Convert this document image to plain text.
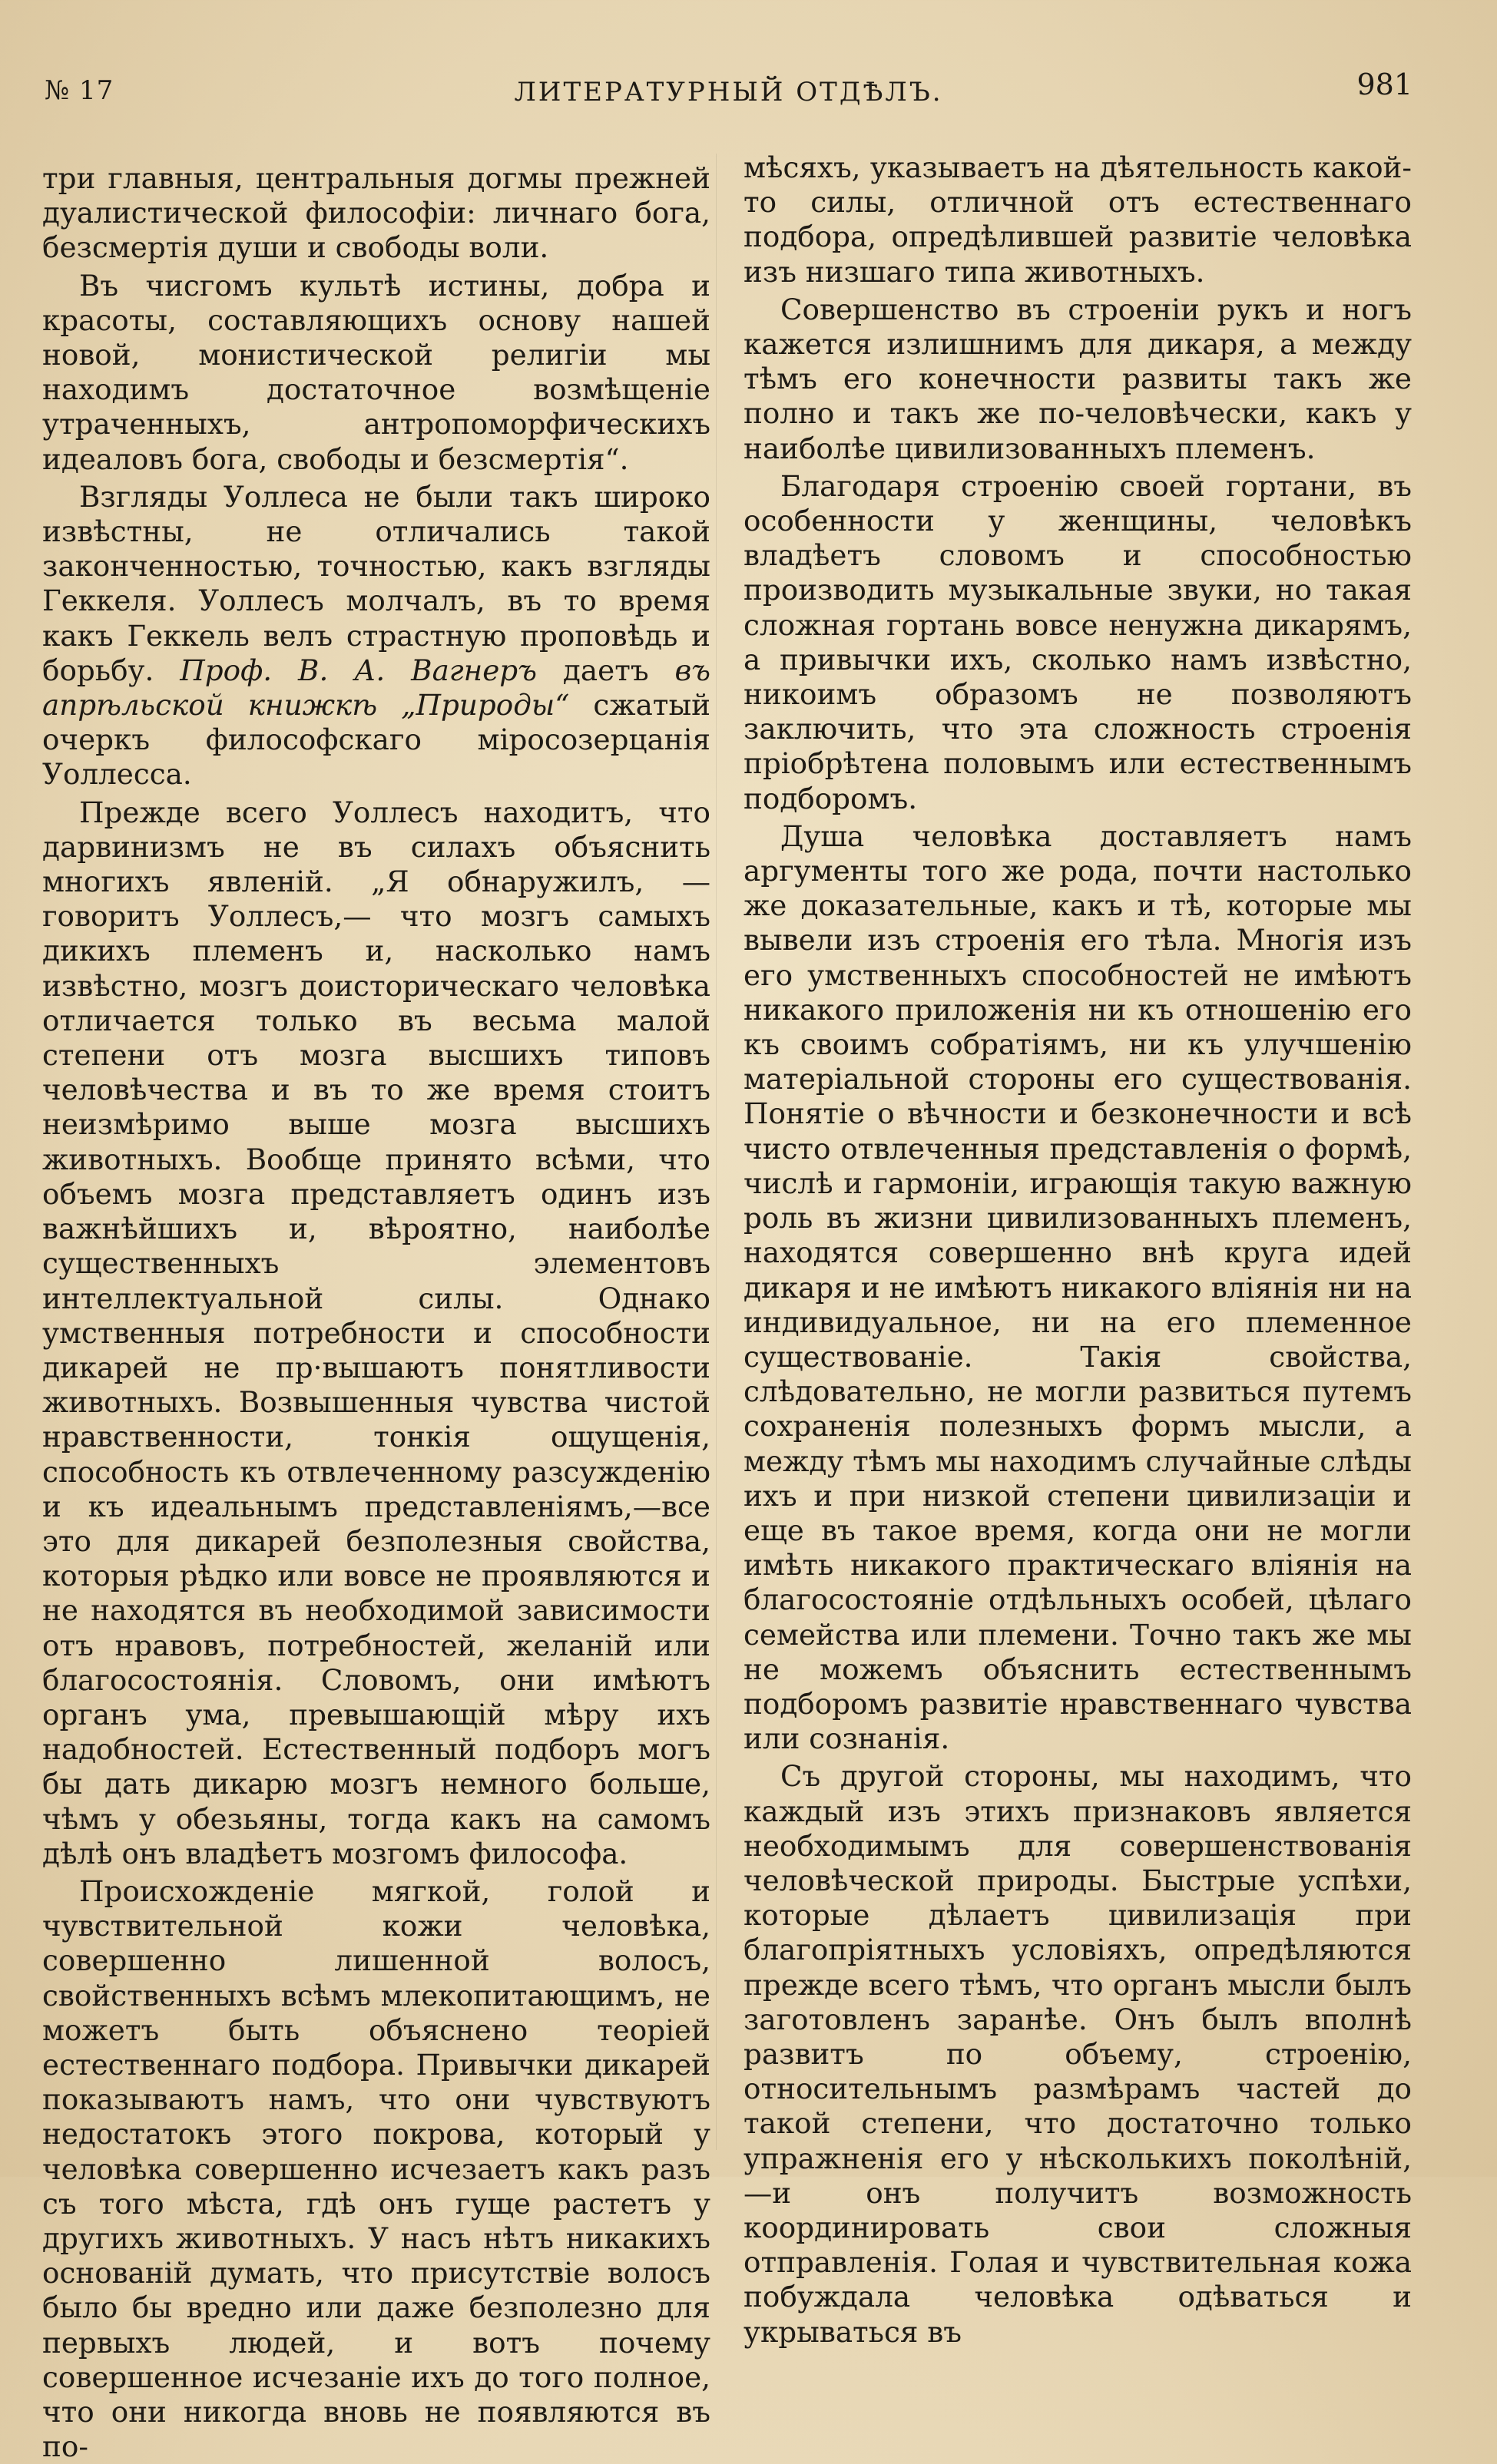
№ 17	ЛИТЕРАТУРНЫЙ ОТДѢЛЪ.	981

три главныя, центральныя догмы прежней дуалистической философіи: личнаго бога, безсмертія души и свободы воли.

Въ чисгомъ культѣ истины, добра и красоты, составляющихъ основу нашей новой, монистической религіи мы находимъ достаточное возмѣщеніе утраченныхъ, антропоморфическихъ идеаловъ бога, свободы и безсмертія“.

Взгляды Уоллеса не были такъ широко извѣстны, не отличались такой законченностью, точностью, какъ взгляды Геккеля. Уоллесъ молчалъ, въ то время какъ Геккель велъ страстную проповѣдь и борьбу. Проф. В. А. Вагнеръ даетъ въ апрѣльской книжкѣ „Природы“ сжатый очеркъ философскаго міросозерцанія Уоллесса.

Прежде всего Уоллесъ находитъ, что дарвинизмъ не въ силахъ объяснить многихъ явленій. „Я обнаружилъ, —говоритъ Уоллесъ,— что мозгъ самыхъ дикихъ племенъ и, насколько намъ извѣстно, мозгъ доисторическаго человѣка отличается только въ весьма малой степени отъ мозга высшихъ типовъ человѣчества и въ то же время стоитъ неизмѣримо выше мозга высшихъ животныхъ. Вообще принято всѣми, что объемъ мозга представляетъ одинъ изъ важнѣйшихъ и, вѣроятно, наиболѣе существенныхъ элементовъ интеллектуальной силы. Однако умственныя потребности и способности дикарей не пр·вышаютъ понятливости животныхъ. Возвышенныя чувства чистой нравственности, тонкія ощущенія, способность къ отвлеченному разсужденію и къ идеальнымъ представленіямъ,—все это для дикарей безполезныя свойства, которыя рѣдко или вовсе не проявляются и не находятся въ необходимой зависимости отъ нравовъ, потребностей, желаній или благосостоянія. Словомъ, они имѣютъ органъ ума, превышающій мѣру ихъ надобностей. Естественный подборъ могъ бы дать дикарю мозгъ немного больше, чѣмъ у обезьяны, тогда какъ на самомъ дѣлѣ онъ владѣетъ мозгомъ философа.

Происхожденіе мягкой, голой и чувствительной кожи человѣка, совершенно лишенной волосъ, свойственныхъ всѣмъ млекопитающимъ, не можетъ быть объяснено теоріей естественнаго подбора. Привычки дикарей показываютъ намъ, что они чувствуютъ недостатокъ этого покрова, который у человѣка совершенно исчезаетъ какъ разъ съ того мѣста, гдѣ онъ гуще растетъ у другихъ животныхъ. У насъ нѣтъ никакихъ основаній думать, что присутствіе волосъ было бы вредно или даже безполезно для первыхъ людей, и вотъ почему совершенное исчезаніе ихъ до того полное, что они никогда вновь не появляются въ по-

мѣсяхъ, указываетъ на дѣятельность какой-то силы, отличной отъ естественнаго подбора, опредѣлившей развитіе человѣка изъ низшаго типа животныхъ.

Совершенство въ строеніи рукъ и ногъ кажется излишнимъ для дикаря, а между тѣмъ его конечности развиты такъ же полно и такъ же по-человѣчески, какъ у наиболѣе цивилизованныхъ племенъ.

Благодаря строенію своей гортани, въ особенности у женщины, человѣкъ владѣетъ словомъ и способностью производить музыкальные звуки, но такая сложная гортань вовсе ненужна дикарямъ, а привычки ихъ, сколько намъ извѣстно, никоимъ образомъ не позволяютъ заключить, что эта сложность строенія пріобрѣтена половымъ или естественнымъ подборомъ.

Душа человѣка доставляетъ намъ аргументы того же рода, почти настолько же доказательные, какъ и тѣ, которые мы вывели изъ строенія его тѣла. Многія изъ его умственныхъ способностей не имѣютъ никакого приложенія ни къ отношенію его къ своимъ собратіямъ, ни къ улучшенію матеріальной стороны его существованія. Понятіе о вѣчности и безконечности и всѣ чисто отвлеченныя представленія о формѣ, числѣ и гармоніи, играющія такую важную роль въ жизни цивилизованныхъ племенъ, находятся совершенно внѣ круга идей дикаря и не имѣютъ никакого вліянія ни на индивидуальное, ни на его племенное существованіе. Такія свойства, слѣдовательно, не могли развиться путемъ сохраненія полезныхъ формъ мысли, а между тѣмъ мы находимъ случайные слѣды ихъ и при низкой степени цивилизаціи и еще въ такое время, когда они не могли имѣть никакого практическаго вліянія на благосостояніе отдѣльныхъ особей, цѣлаго семейства или племени. Точно такъ же мы не можемъ объяснить естественнымъ подборомъ развитіе нравственнаго чувства или сознанія.

Съ другой стороны, мы находимъ, что каждый изъ этихъ признаковъ является необходимымъ для совершенствованія человѣческой природы. Быстрые успѣхи, которые дѣлаетъ цивилизація при благопріятныхъ условіяхъ, опредѣляются прежде всего тѣмъ, что органъ мысли былъ заготовленъ заранѣе. Онъ былъ вполнѣ развитъ по объему, строенію, относительнымъ размѣрамъ частей до такой степени, что достаточно только упражненія его у нѣсколькихъ поколѣній, —и онъ получитъ возможность координировать свои сложныя отправленія. Голая и чувствительная кожа побуждала человѣка одѣваться и укрываться въ
